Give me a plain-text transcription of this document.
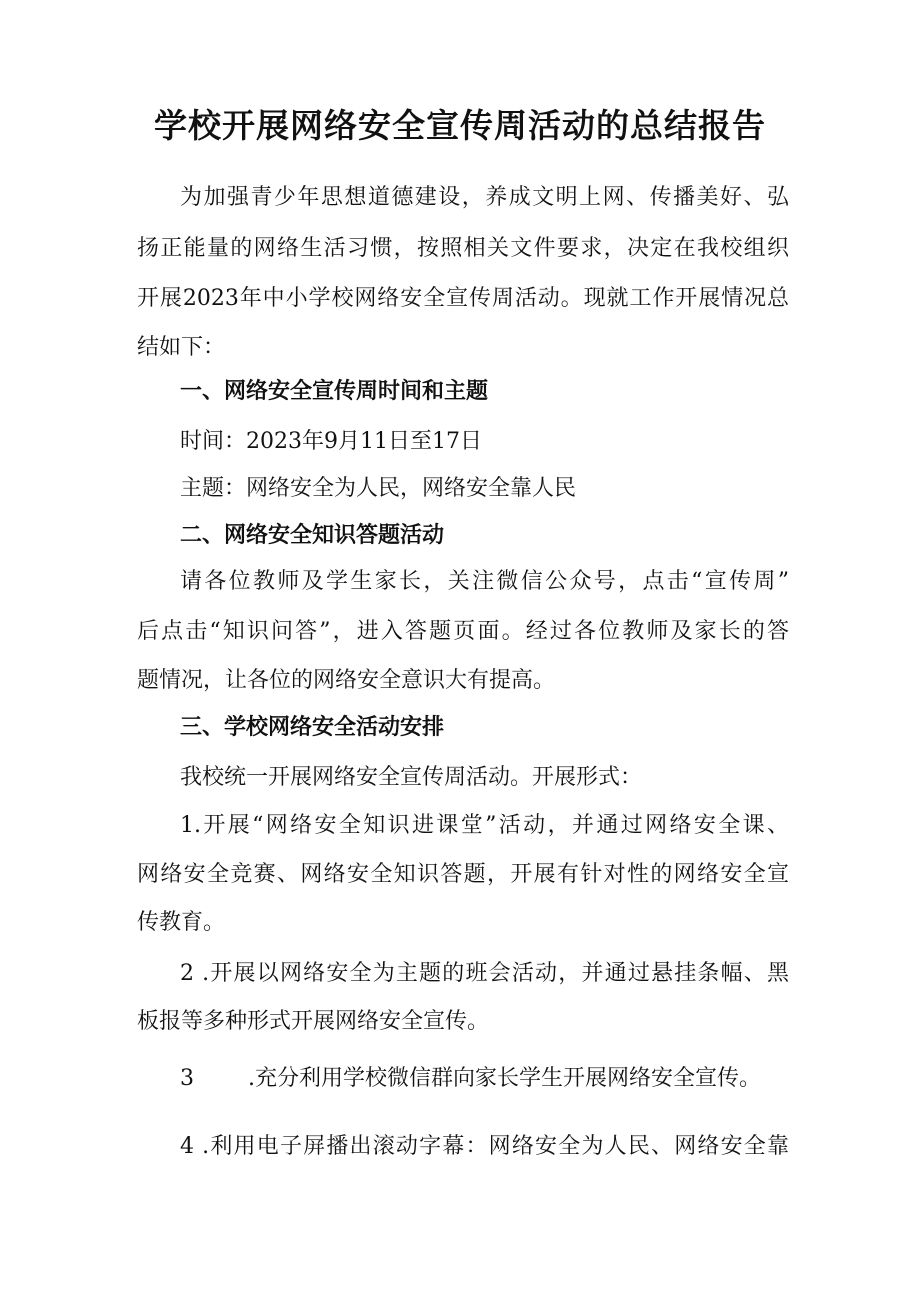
学校开展网络安全宣传周活动的总结报告
为加强青少年思想道德建设，养成文明上网、传播美好、弘
扬正能量的网络生活习惯，按照相关文件要求，决定在我校组织
开展2023年中小学校网络安全宣传周活动。现就工作开展情况总
结如下：
一、网络安全宣传周时间和主题
时间：2023年9月11日至17日
主题：网络安全为人民，网络安全靠人民
二、网络安全知识答题活动
请各位教师及学生家长，关注微信公众号，点击“宣传周”
后点击“知识问答”，进入答题页面。经过各位教师及家长的答
题情况，让各位的网络安全意识大有提高。
三、学校网络安全活动安排
我校统一开展网络安全宣传周活动。开展形式：
1.开展“网络安全知识进课堂”活动，并通过网络安全课、
网络安全竞赛、网络安全知识答题，开展有针对性的网络安全宣
传教育。
2 .开展以网络安全为主题的班会活动，并通过悬挂条幅、黑
板报等多种形式开展网络安全宣传。
3 .充分利用学校微信群向家长学生开展网络安全宣传。
4 .利用电子屏播出滚动字幕：网络安全为人民、网络安全靠
